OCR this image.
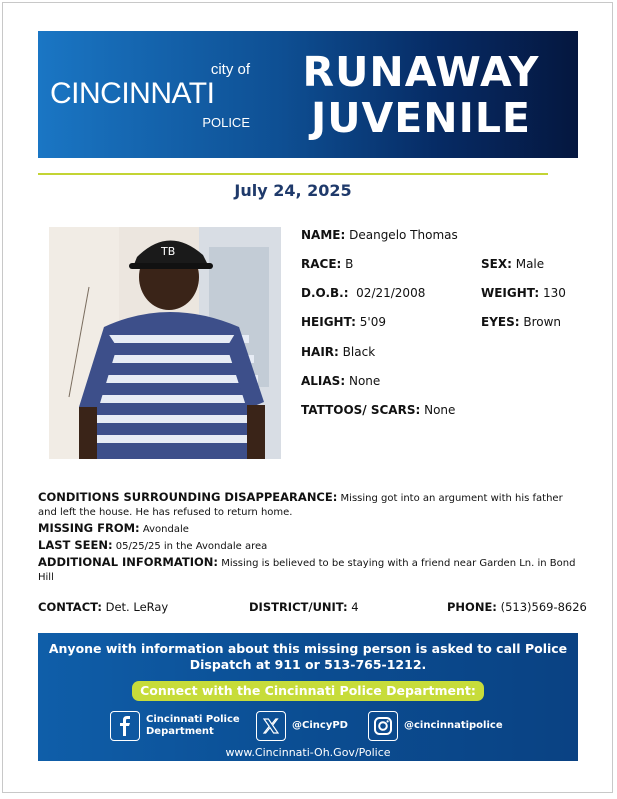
city of
CINCINNATI
POLICE
RUNAWAY
JUVENILE
July 24, 2025
TB
NAME: Deangelo Thomas
RACE: B	SEX: Male
D.O.B.: 02/21/2008	WEIGHT: 130
HEIGHT: 5'09	EYES: Brown
HAIR: Black
ALIAS: None
TATTOOS/ SCARS: None
CONDITIONS SURROUNDING DISAPPEARANCE: Missing got into an argument with his father and left the house. He has refused to return home.
MISSING FROM: Avondale
LAST SEEN: 05/25/25 in the Avondale area
ADDITIONAL INFORMATION: Missing is believed to be staying with a friend near Garden Ln. in Bond Hill
CONTACT: Det. LeRay	DISTRICT/UNIT: 4	PHONE: (513)569-8626
Anyone with information about this missing person is asked to call Police Dispatch at 911 or 513-765-1212.
Connect with the Cincinnati Police Department:
Cincinnati Police
Department
@CincyPD	@cincinnatipolice
www.Cincinnati-Oh.Gov/Police
